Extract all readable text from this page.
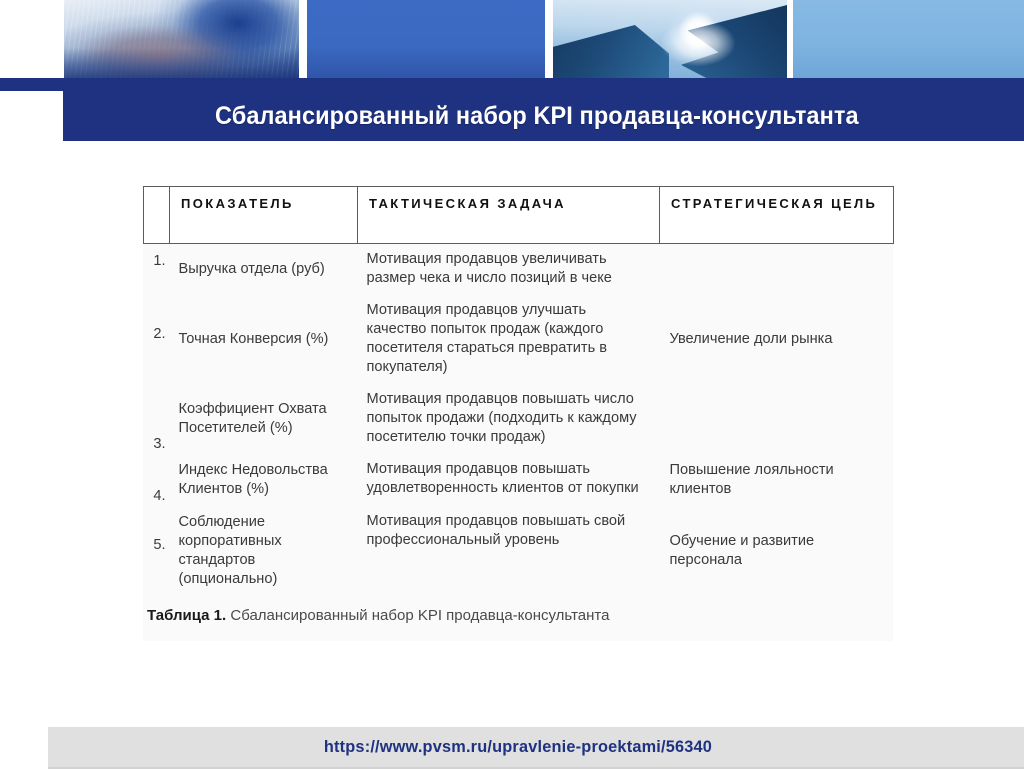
Сбалансированный набор KPI продавца-консультанта
	ПОКАЗАТЕЛЬ	ТАКТИЧЕСКАЯ ЗАДАЧА	СТРАТЕГИЧЕСКАЯ ЦЕЛЬ
1.	Выручка отдела (руб)	Мотивация продавцов увеличивать размер чека и число позиций в чеке	
2.	Точная Конверсия (%)	Мотивация продавцов улучшать качество попыток продаж (каждого посетителя стараться превратить в покупателя)	Увеличение доли рынка
3.	Коэффициент Охвата Посетителей (%)	Мотивация продавцов повышать число попыток продажи (подходить к каждому посетителю точки продаж)	
4.	Индекс Недовольства Клиентов (%)	Мотивация продавцов повышать удовлетворенность клиентов от покупки	Повышение лояльности клиентов
5.	Соблюдение корпоративных стандартов (опционально)	Мотивация продавцов повышать свой профессиональный уровень	Обучение и развитие персонала
Таблица 1. Сбалансированный набор KPI продавца-консультанта
https://www.pvsm.ru/upravlenie-proektami/56340
